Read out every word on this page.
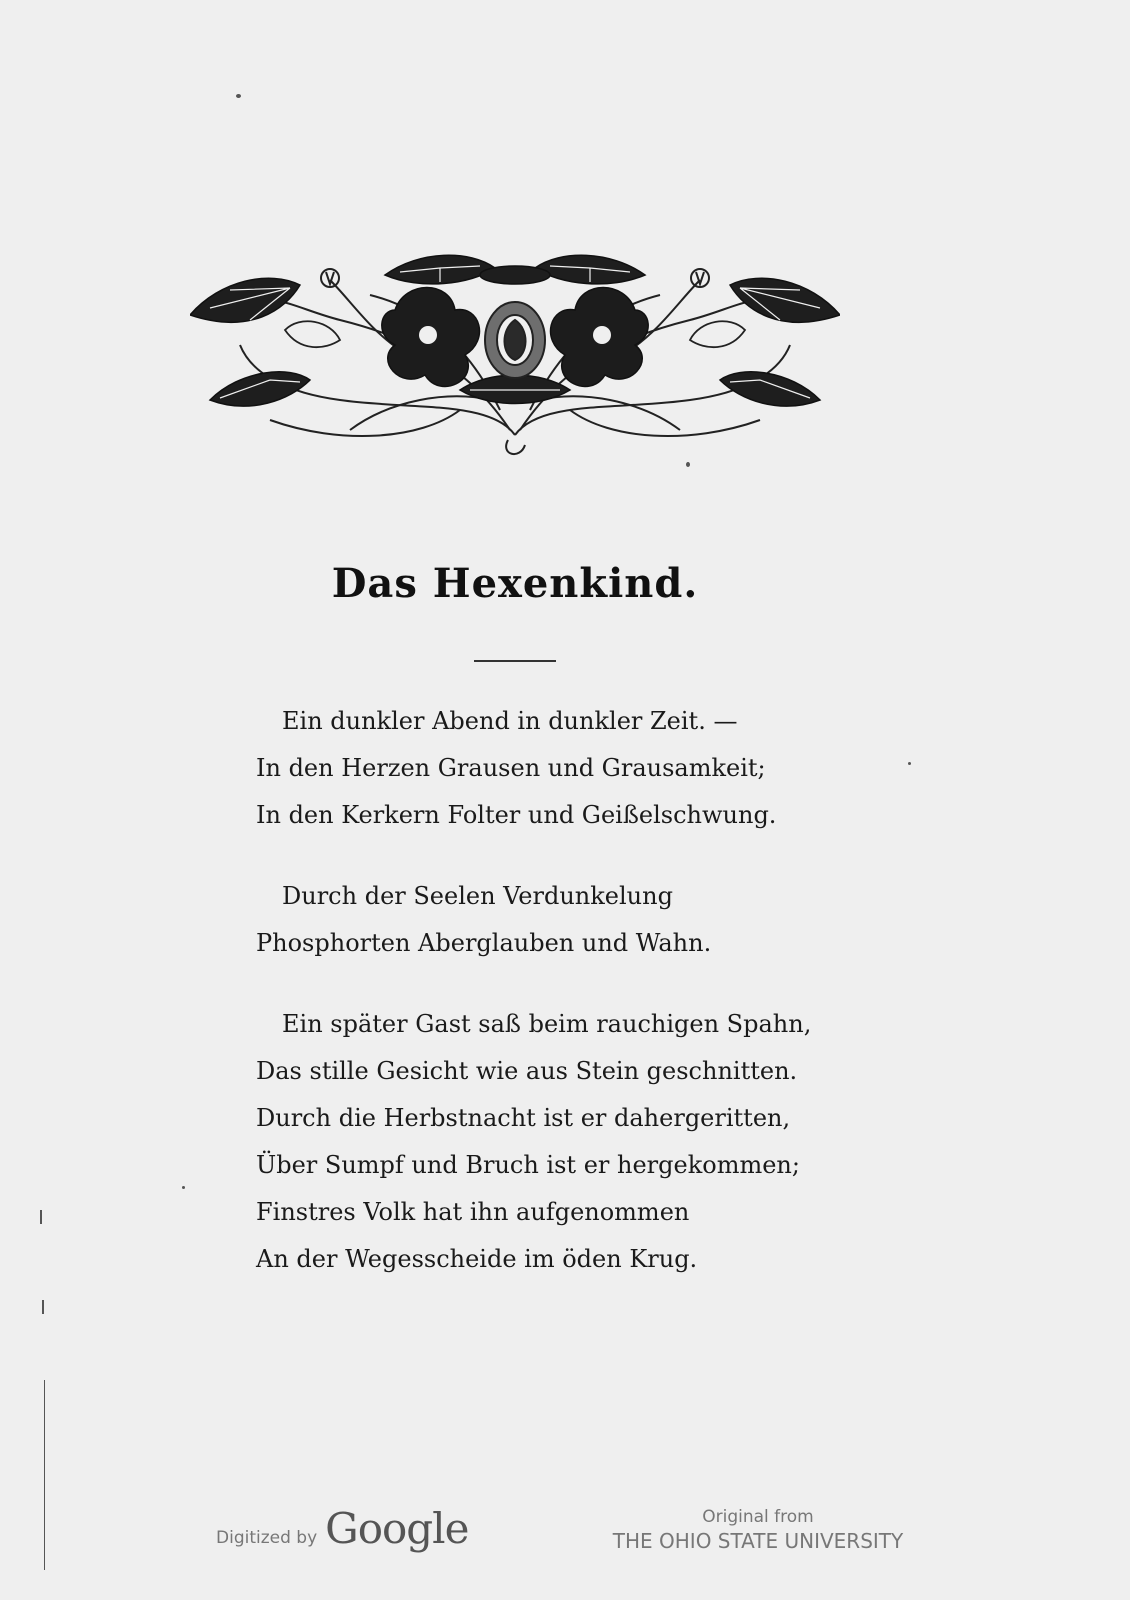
Das Hexenkind.
Ein dunkler Abend in dunkler Zeit. —
In den Herzen Grausen und Grausamkeit;
In den Kerkern Folter und Geißelschwung.
Durch der Seelen Verdunkelung
Phosphorten Aberglauben und Wahn.
Ein später Gast saß beim rauchigen Spahn,
Das stille Gesicht wie aus Stein geschnitten.
Durch die Herbstnacht ist er dahergeritten,
Über Sumpf und Bruch ist er hergekommen;
Finstres Volk hat ihn aufgenommen
An der Wegesscheide im öden Krug.
Digitized by Google	Original from
THE OHIO STATE UNIVERSITY
